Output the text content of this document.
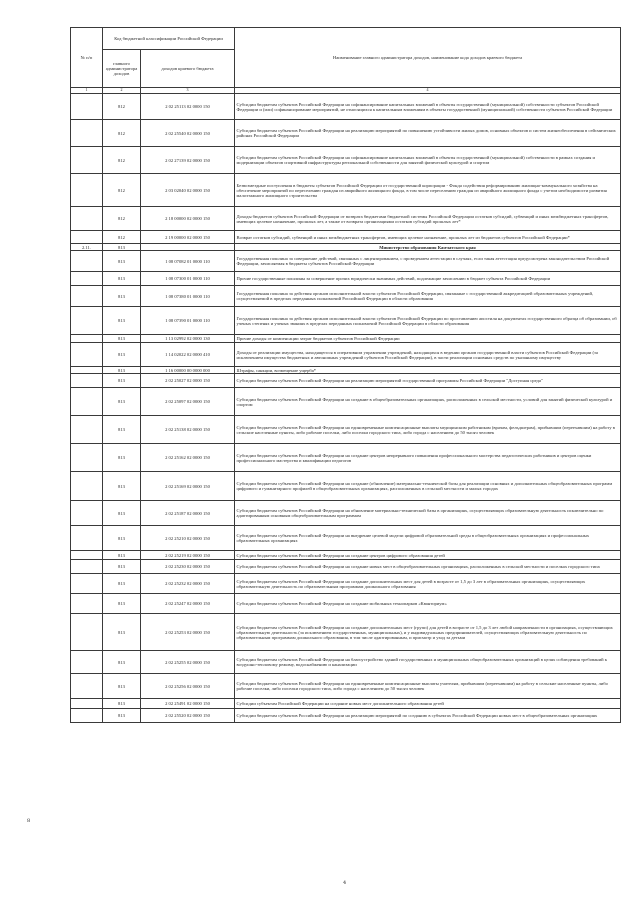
№ п/п	Код бюджетной классификации Российской Федерации		Наименование главного администратора доходов, наименование кода доходов краевого бюджета
	главного администратора доходов	доходов краевого бюджета	
1	2	3	4
	812	2 02 25113 02 0000 150	Субсидии бюджетам субъектов Российской Федерации на софинансирование капитальных вложений в объекты государственной (муниципальной) собственности субъектов Российской Федерации и (или) софинансирование мероприятий, не относящихся к капитальным вложениям в объекты государственной (муниципальной) собственности субъектов Российской Федерации
	812	2 02 25540 02 0000 150	Субсидии бюджетам субъектов Российской Федерации на реализацию мероприятий по повышению устойчивости жилых домов, основных объектов и систем жизнеобеспечения в сейсмических районах Российской Федерации
	812	2 02 27139 02 0000 150	Субсидии бюджетам субъектов Российской Федерации на софинансирование капитальных вложений в объекты государственной (муниципальной) собственности в рамках создания и модернизации объектов спортивной инфраструктуры региональной собственности для занятий физической культурой и спортом
	812	2 03 02040 02 0000 150	Безвозмездные поступления в бюджеты субъектов Российской Федерации от государственной корпорации - Фонда содействия реформированию жилищно-коммунального хозяйства на обеспечение мероприятий по переселению граждан из аварийного жилищного фонда, в том числе переселению граждан из аварийного жилищного фонда с учетом необходимости развития малоэтажного жилищного строительства
	812	2 18 00000 02 0000 150	Доходы бюджетов субъектов Российской Федерации от возврата бюджетами бюджетной системы Российской Федерации остатков субсидий, субвенций и иных межбюджетных трансфертов, имеющих целевое назначение, прошлых лет, а также от возврата организациями остатков субсидий прошлых лет*
	812	2 19 00000 02 0000 150	Возврат остатков субсидий, субвенций и иных межбюджетных трансфертов, имеющих целевое назначение, прошлых лет из бюджетов субъектов Российской Федерации*
2.11.	813		Министерство образования Камчатского края
	813	1 08 07082 01 0000 110	Государственная пошлина за совершение действий, связанных с лицензированием, с проведением аттестации в случаях, если такая аттестация предусмотрена законодательством Российской Федерации, зачисляемая в бюджеты субъектов Российской Федерации
	813	1 08 07300 01 0000 110	Прочие государственные пошлины за совершение прочих юридически значимых действий, подлежащие зачислению в бюджет субъекта Российской Федерации
	813	1 08 07380 01 0000 110	Государственная пошлина за действия органов исполнительной власти субъектов Российской Федерации, связанные с государственной аккредитацией образовательных учреждений, осуществляемой в пределах переданных полномочий Российской Федерации в области образования
	813	1 08 07390 01 0000 110	Государственная пошлина за действия органов исполнительной власти субъектов Российской Федерации по проставлению апостиля на документах государственного образца об образовании, об ученых степенях и ученых званиях в пределах переданных полномочий Российской Федерации в области образования
	813	1 13 02992 02 0000 130	Прочие доходы от компенсации затрат бюджетов субъектов Российской Федерации
	813	1 14 02022 02 0000 410	Доходы от реализации имущества, находящегося в оперативном управлении учреждений, находящихся в ведении органов государственной власти субъектов Российской Федерации (за исключением имущества бюджетных и автономных учреждений субъектов Российской Федерации), в части реализации основных средств по указанному имуществу
	813	1 16 00000 00 0000 000	Штрафы, санкции, возмещение ущерба*
	813	2 02 25027 02 0000 150	Субсидии бюджетам субъектов Российской Федерации на реализацию мероприятий государственной программы Российской Федерации "Доступная среда"
	813	2 02 25097 02 0000 150	Субсидии бюджетам субъектов Российской Федерации на создание в общеобразовательных организациях, расположенных в сельской местности, условий для занятий физической культурой и спортом
	813	2 02 25138 02 0000 150	Субсидии бюджетам субъектов Российской Федерации на единовременные компенсационные выплаты медицинским работникам (врачам, фельдшерам), прибывшим (переехавшим) на работу в сельские населенные пункты, либо рабочие поселки, либо поселки городского типа, либо города с населением до 50 тысяч человек
	813	2 02 25162 02 0000 150	Субсидии бюджетам субъектов Российской Федерации на создание центров непрерывного повышения профессионального мастерства педагогических работников и центров оценки профессионального мастерства и квалификации педагогов
	813	2 02 25169 02 0000 150	Субсидии бюджетам субъектов Российской Федерации на создание (обновление) материально-технической базы для реализации основных и дополнительных общеобразовательных программ цифрового и гуманитарного профилей в общеобразовательных организациях, расположенных в сельской местности и малых городах
	813	2 02 25187 02 0000 150	Субсидии бюджетам субъектов Российской Федерации на обновление материально-технической базы в организациях, осуществляющих образовательную деятельность исключительно по адаптированным основным общеобразовательным программам
	813	2 02 25210 02 0000 150	Субсидии бюджетам субъектов Российской Федерации на внедрение целевой модели цифровой образовательной среды в общеобразовательных организациях и профессиональных образовательных организациях
	813	2 02 25219 02 0000 150	Субсидии бюджетам субъектов Российской Федерации на создание центров цифрового образования детей
	813	2 02 25230 02 0000 150	Субсидии бюджетам субъектов Российской Федерации на создание новых мест в общеобразовательных организациях, расположенных в сельской местности и поселках городского типа
	813	2 02 25232 02 0000 150	Субсидии бюджетам субъектов Российской Федерации на создание дополнительных мест для детей в возрасте от 1,5 до 3 лет в образовательных организациях, осуществляющих образовательную деятельность по образовательным программам дошкольного образования
	813	2 02 25247 02 0000 150	Субсидии бюджетам субъектов Российской Федерации на создание мобильных технопарков «Кванториум»
	813	2 02 25253 02 0000 150	Субсидии бюджетам субъектов Российской Федерации на создание дополнительных мест (групп) для детей в возрасте от 1,5 до 3 лет любой направленности в организациях, осуществляющих образовательную деятельность (за исключением государственных, муниципальных), и у индивидуальных предпринимателей, осуществляющих образовательную деятельность по образовательным программам дошкольного образования, в том числе адаптированным, и присмотр и уход за детьми
	813	2 02 25255 02 0000 150	Субсидии бюджетам субъектов Российской Федерации на благоустройство зданий государственных и муниципальных общеобразовательных организаций в целях соблюдения требований к воздушно-тепловому режиму, водоснабжению и канализации
	813	2 02 25256 02 0000 150	Субсидии бюджетам субъектов Российской Федерации на единовременные компенсационные выплаты учителям, прибывшим (переехавшим) на работу в сельские населенные пункты, либо рабочие поселки, либо поселки городского типа, либо города с населением до 50 тысяч человек
	813	2 02 25491 02 0000 150	Субсидии субъектам Российской Федерации на создание новых мест дополнительного образования детей
	813	2 02 25520 02 0000 150	Субсидии бюджетам субъектов Российской Федерации на реализацию мероприятий по созданию в субъектах Российской Федерации новых мест в общеобразовательных организациях
8
4
